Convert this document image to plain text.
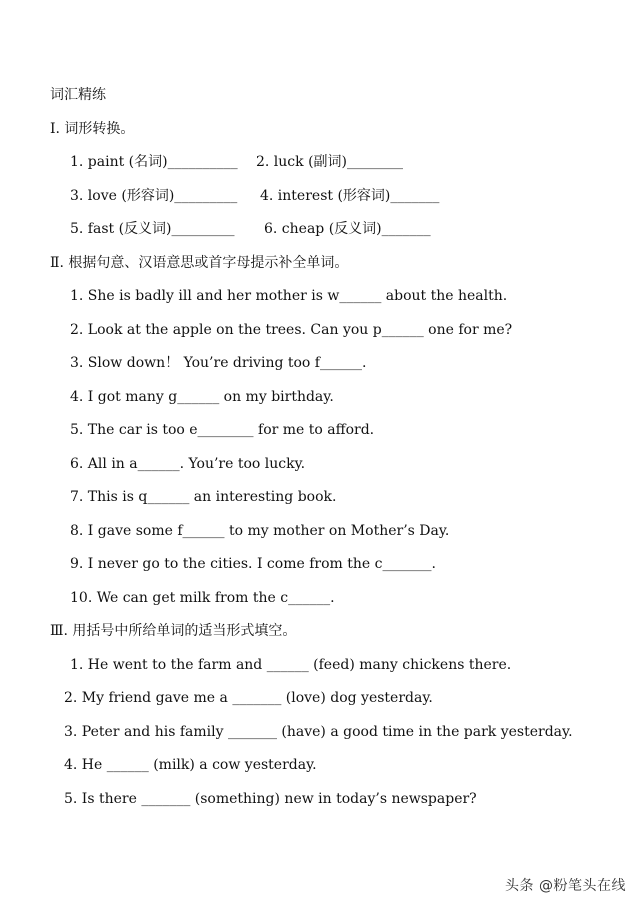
词汇精练
Ⅰ. 词形转换。
1. paint (名词)__________ 2. luck (副词)________
3. love (形容词)_________ 4. interest (形容词)_______
5. fast (反义词)_________ 6. cheap (反义词)_______
Ⅱ. 根据句意、汉语意思或首字母提示补全单词。
1. She is badly ill and her mother is w______ about the health.
2. Look at the apple on the trees. Can you p______ one for me?
3. Slow down！ You’re driving too f______.
4. I got many g______ on my birthday.
5. The car is too e________ for me to afford.
6. All in a______. You’re too lucky.
7. This is q______ an interesting book.
8. I gave some f______ to my mother on Mother’s Day.
9. I never go to the cities. I come from the c_______.
10. We can get milk from the c______.
Ⅲ. 用括号中所给单词的适当形式填空。
1. He went to the farm and ______ (feed) many chickens there.
2. My friend gave me a _______ (love) dog yesterday.
3. Peter and his family _______ (have) a good time in the park yesterday.
4. He ______ (milk) a cow yesterday.
5. Is there _______ (something) new in today’s newspaper?
头条 @粉笔头在线
